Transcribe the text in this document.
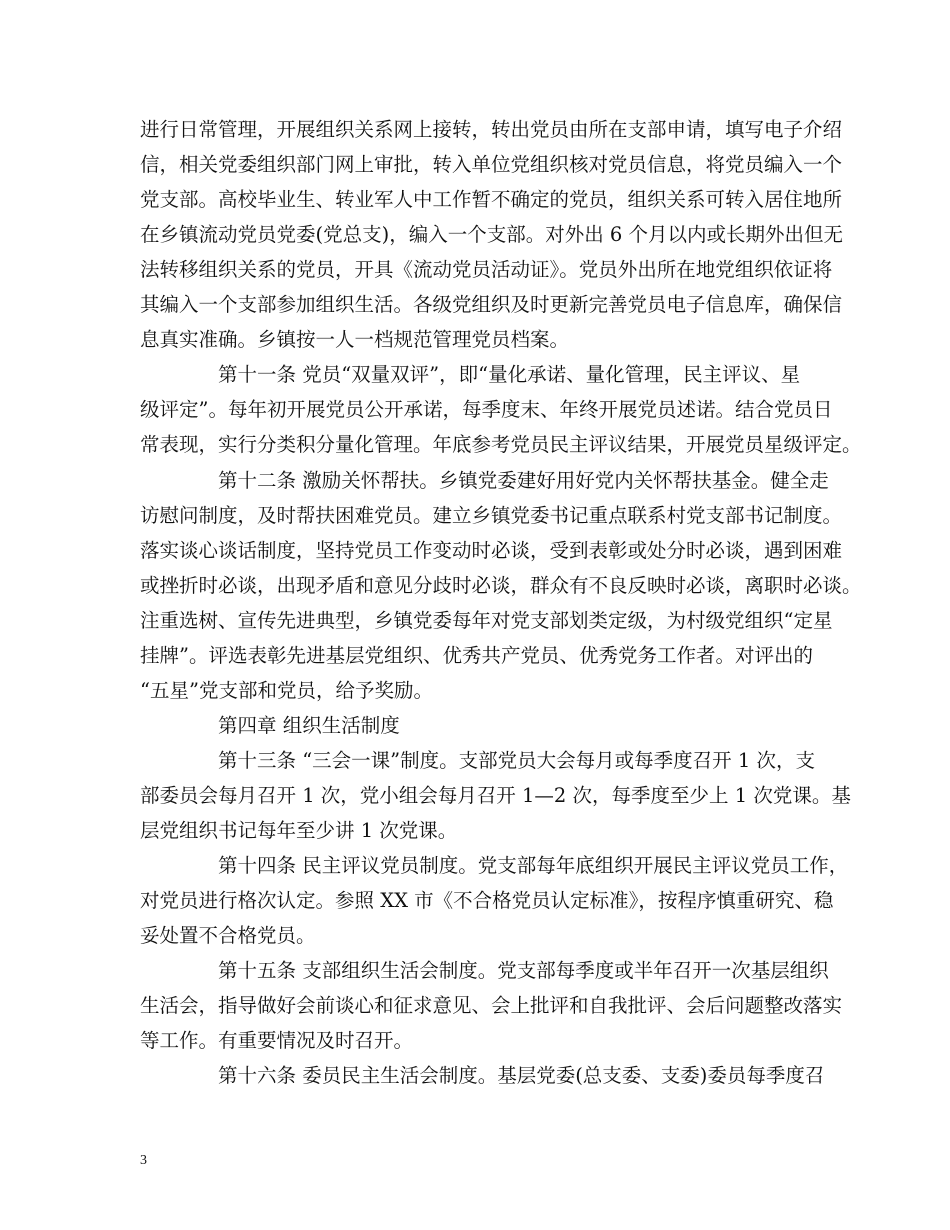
进行日常管理，开展组织关系网上接转，转出党员由所在支部申请，填写电子介绍
信，相关党委组织部门网上审批，转入单位党组织核对党员信息，将党员编入一个
党支部。高校毕业生、转业军人中工作暂不确定的党员，组织关系可转入居住地所
在乡镇流动党员党委(党总支)，编入一个支部。对外出 6 个月以内或长期外出但无
法转移组织关系的党员，开具《流动党员活动证》。党员外出所在地党组织依证将
其编入一个支部参加组织生活。各级党组织及时更新完善党员电子信息库，确保信
息真实准确。乡镇按一人一档规范管理党员档案。
第十一条 党员“双量双评”，即“量化承诺、量化管理，民主评议、星
级评定”。每年初开展党员公开承诺，每季度末、年终开展党员述诺。结合党员日
常表现，实行分类积分量化管理。年底参考党员民主评议结果，开展党员星级评定。
第十二条 激励关怀帮扶。乡镇党委建好用好党内关怀帮扶基金。健全走
访慰问制度，及时帮扶困难党员。建立乡镇党委书记重点联系村党支部书记制度。
落实谈心谈话制度，坚持党员工作变动时必谈，受到表彰或处分时必谈，遇到困难
或挫折时必谈，出现矛盾和意见分歧时必谈，群众有不良反映时必谈，离职时必谈。
注重选树、宣传先进典型，乡镇党委每年对党支部划类定级，为村级党组织“定星
挂牌”。评选表彰先进基层党组织、优秀共产党员、优秀党务工作者。对评出的
“五星”党支部和党员，给予奖励。
第四章 组织生活制度
第十三条 “三会一课”制度。支部党员大会每月或每季度召开 1 次，支
部委员会每月召开 1 次，党小组会每月召开 1—2 次，每季度至少上 1 次党课。基
层党组织书记每年至少讲 1 次党课。
第十四条 民主评议党员制度。党支部每年底组织开展民主评议党员工作，
对党员进行格次认定。参照 XX 市《不合格党员认定标准》，按程序慎重研究、稳
妥处置不合格党员。
第十五条 支部组织生活会制度。党支部每季度或半年召开一次基层组织
生活会，指导做好会前谈心和征求意见、会上批评和自我批评、会后问题整改落实
等工作。有重要情况及时召开。
第十六条 委员民主生活会制度。基层党委(总支委、支委)委员每季度召
3
